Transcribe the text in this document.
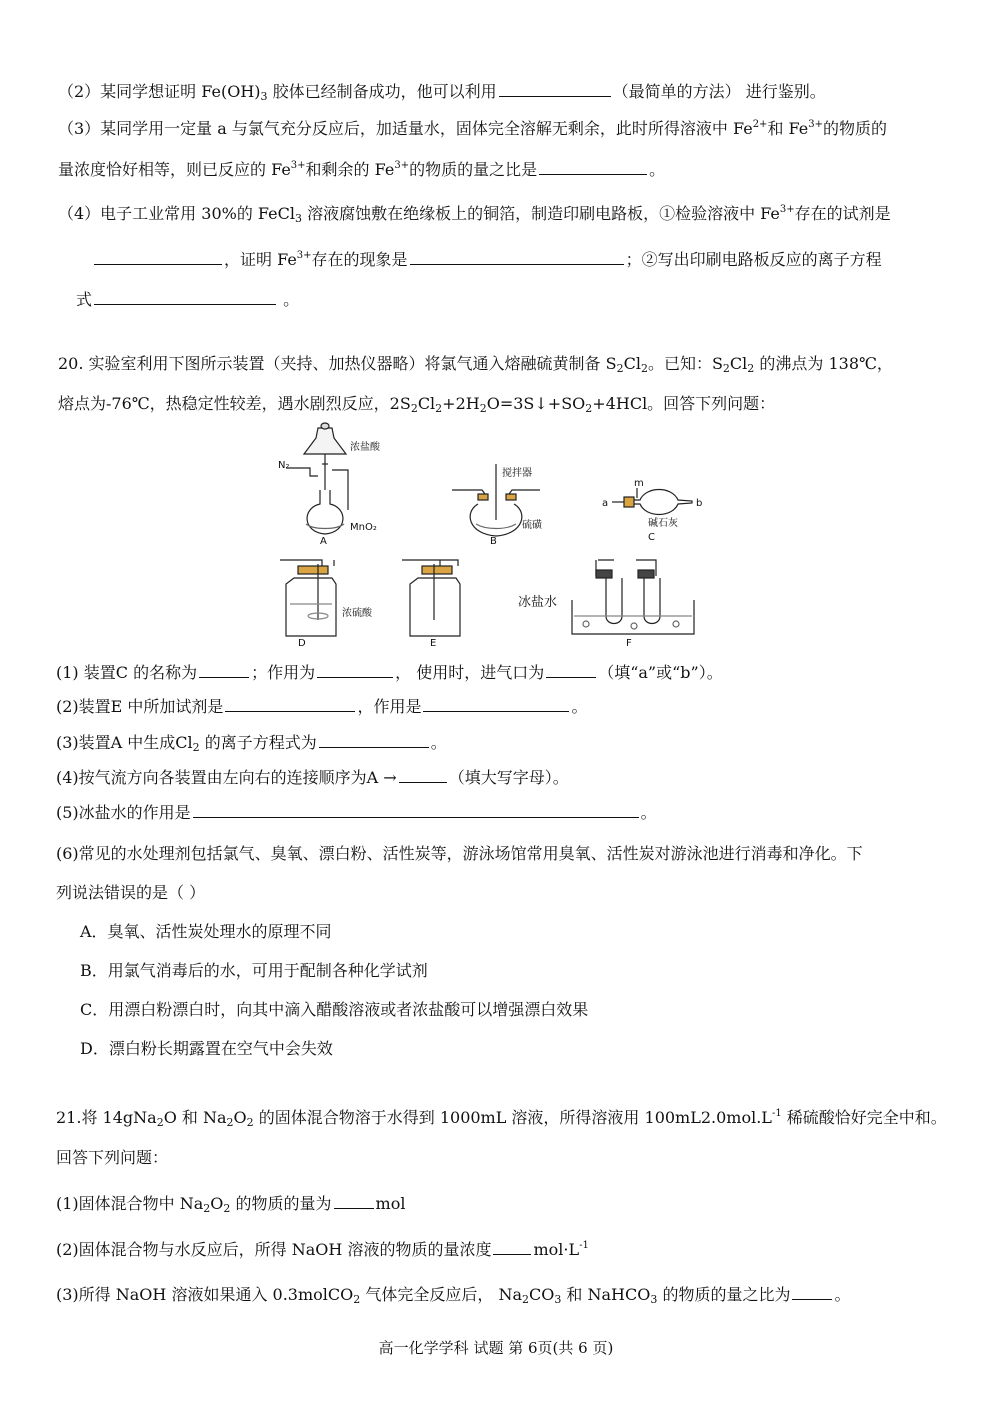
（2）某同学想证明 $Fe(OH)_3$ 胶体已经制备成功，他可以利用	（最简单的方法） 进行鉴别。
（3）某同学用一定量 a 与氯气充分反应后，加适量水，固体完全溶解无剩余，此时所得溶液中 $Fe^{2+}$和 $Fe^{3+}$的物质的
量浓度恰好相等，则已反应的 $Fe^{3+}$和剩余的 $Fe^{3+}$的物质的量之比是	。
（4）电子工业常用 30%的 FeCl$_3$ 溶液腐蚀敷在绝缘板上的铜箔，制造印刷电路板，①检验溶液中 $Fe^{3+}$存在的试剂是
，证明 $Fe^{3+}$存在的现象是	；②写出印刷电路板反应的离子方程
式	。
20. 实验室利用下图所示装置（夹持、加热仪器略）将氯气通入熔融硫黄制备 $S_2Cl_2$。已知：$S_2Cl_2$ 的沸点为 138℃，
熔点为-76℃，热稳定性较差，遇水剧烈反应，$2S_2Cl_2+2H_2O=3S↓+SO_2+4HCl$。回答下列问题：
N₂
浓盐酸
MnO₂
A
搅拌器
硫磺
B
a
m
b
碱石灰
C
浓硫酸
D	E
冰盐水
F
(1) 装置C 的名称为	；作用为	， 使用时，进气口为	（填“a”或“b”）。
(2)装置E 中所加试剂是	，作用是	。
(3)装置A 中生成$Cl_2$ 的离子方程式为	。
(4)按气流方向各装置由左向右的连接顺序为A →	（填大写字母）。
(5)冰盐水的作用是	。
(6)常见的水处理剂包括氯气、臭氧、漂白粉、活性炭等，游泳场馆常用臭氧、活性炭对游泳池进行消毒和净化。下
列说法错误的是（ ）
A．臭氧、活性炭处理水的原理不同
B．用氯气消毒后的水，可用于配制各种化学试剂
C．用漂白粉漂白时，向其中滴入醋酸溶液或者浓盐酸可以增强漂白效果
D．漂白粉长期露置在空气中会失效
21.将 14gNa$_2$O 和 $Na_2O_2$ 的固体混合物溶于水得到 1000mL 溶液，所得溶液用 $100mL2.0mol.L^{-1}$ 稀硫酸恰好完全中和。
回答下列问题：
(1)固体混合物中 $Na_2O_2$ 的物质的量为	mol
(2)固体混合物与水反应后，所得 NaOH 溶液的物质的量浓度	$mol\cdot L^{-1}$
(3)所得 NaOH 溶液如果通入 0.3molCO$_2$ 气体完全反应后， $Na_2CO_3$ 和 NaHCO$_3$ 的物质的量之比为	。
高一化学学科 试题 第 6页(共 6 页)
